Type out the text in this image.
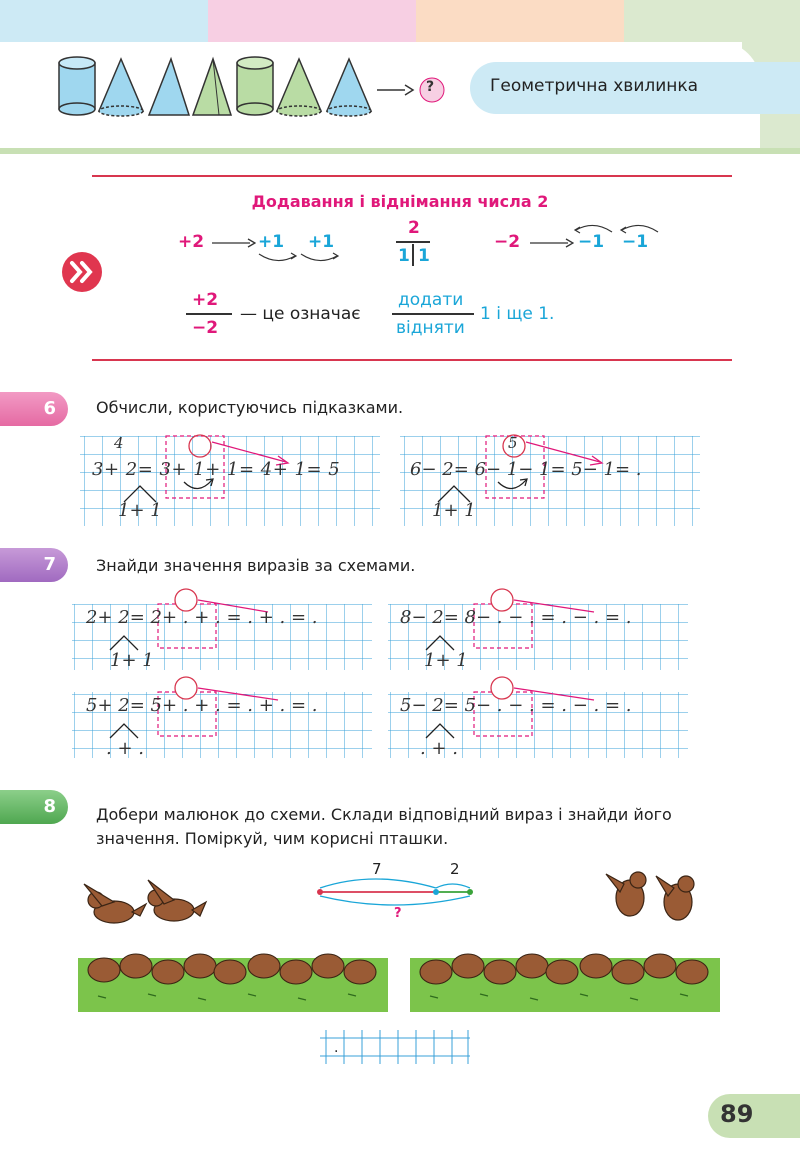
?	Геометрична хвилинка
Додавання і віднімання числа 2
+2	+1 +1
2
1 1
−2	−1 −1
+2
−2
— це означає
додати
відняти
1 і ще 1.
6	Обчисли, користуючись підказками.
4
3+ 2= 3+ 1+ 1= 4+ 1= 5
1+ 1
5
6− 2= 6− 1− 1= 5− 1= .
1+ 1
7	Знайди значення виразів за схемами.
2+ 2= 2+ . + . = . + . = .
1+ 1
5+ 2= 5+ . + . = . + . = .
. + .
8− 2= 8− . − . = . − . = .
1+ 1
5− 2= 5− . − . = . − . = .
. + .
8	Добери малюнок до схеми. Склади відповідний вираз і знайди його
значення. Поміркуй, чим корисні пташки.
7	2
?
.
89
